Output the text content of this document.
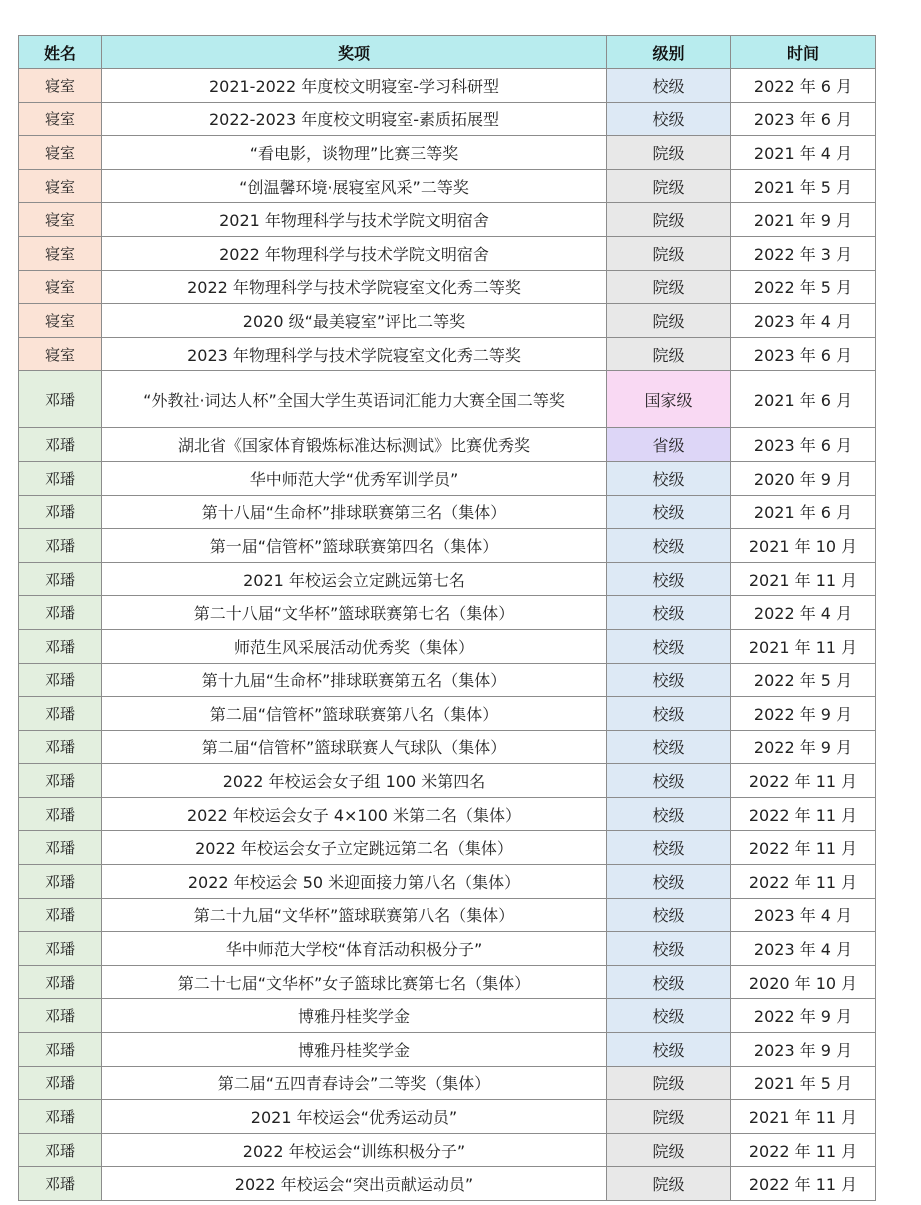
姓名	奖项	级别	时间
寝室	2021-2022 年度校文明寝室-学习科研型	校级	2022 年 6 月
寝室	2022-2023 年度校文明寝室-素质拓展型	校级	2023 年 6 月
寝室	“看电影，谈物理”比赛三等奖	院级	2021 年 4 月
寝室	“创温馨环境·展寝室风采”二等奖	院级	2021 年 5 月
寝室	2021 年物理科学与技术学院文明宿舍	院级	2021 年 9 月
寝室	2022 年物理科学与技术学院文明宿舍	院级	2022 年 3 月
寝室	2022 年物理科学与技术学院寝室文化秀二等奖	院级	2022 年 5 月
寝室	2020 级“最美寝室”评比二等奖	院级	2023 年 4 月
寝室	2023 年物理科学与技术学院寝室文化秀二等奖	院级	2023 年 6 月
邓璠	“外教社·词达人杯”全国大学生英语词汇能力大赛全国二等奖	国家级	2021 年 6 月
邓璠	湖北省《国家体育锻炼标准达标测试》比赛优秀奖	省级	2023 年 6 月
邓璠	华中师范大学“优秀军训学员”	校级	2020 年 9 月
邓璠	第十八届“生命杯”排球联赛第三名（集体）	校级	2021 年 6 月
邓璠	第一届“信管杯”篮球联赛第四名（集体）	校级	2021 年 10 月
邓璠	2021 年校运会立定跳远第七名	校级	2021 年 11 月
邓璠	第二十八届“文华杯”篮球联赛第七名（集体）	校级	2022 年 4 月
邓璠	师范生风采展活动优秀奖（集体）	校级	2021 年 11 月
邓璠	第十九届“生命杯”排球联赛第五名（集体）	校级	2022 年 5 月
邓璠	第二届“信管杯”篮球联赛第八名（集体）	校级	2022 年 9 月
邓璠	第二届“信管杯”篮球联赛人气球队（集体）	校级	2022 年 9 月
邓璠	2022 年校运会女子组 100 米第四名	校级	2022 年 11 月
邓璠	2022 年校运会女子 4×100 米第二名（集体）	校级	2022 年 11 月
邓璠	2022 年校运会女子立定跳远第二名（集体）	校级	2022 年 11 月
邓璠	2022 年校运会 50 米迎面接力第八名（集体）	校级	2022 年 11 月
邓璠	第二十九届“文华杯”篮球联赛第八名（集体）	校级	2023 年 4 月
邓璠	华中师范大学校“体育活动积极分子”	校级	2023 年 4 月
邓璠	第二十七届“文华杯”女子篮球比赛第七名（集体）	校级	2020 年 10 月
邓璠	博雅丹桂奖学金	校级	2022 年 9 月
邓璠	博雅丹桂奖学金	校级	2023 年 9 月
邓璠	第二届“五四青春诗会”二等奖（集体）	院级	2021 年 5 月
邓璠	2021 年校运会“优秀运动员”	院级	2021 年 11 月
邓璠	2022 年校运会“训练积极分子”	院级	2022 年 11 月
邓璠	2022 年校运会“突出贡献运动员”	院级	2022 年 11 月
